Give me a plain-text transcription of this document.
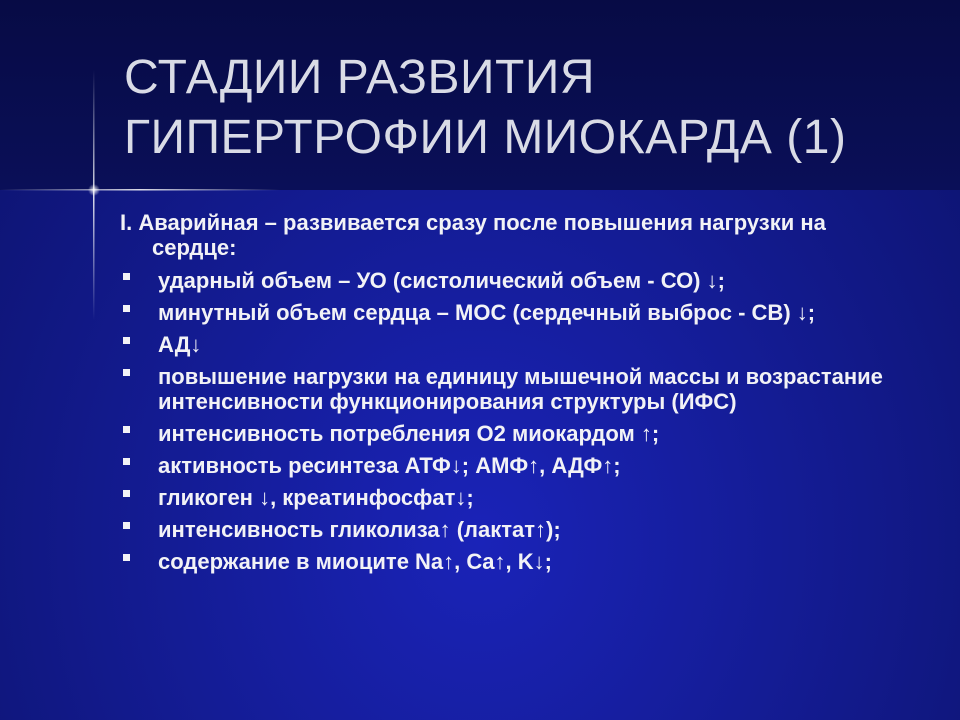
СТАДИИ РАЗВИТИЯ
ГИПЕРТРОФИИ МИОКАРДА (1)
I. Аварийная – развивается сразу после повышения нагрузки на сердце:
ударный объем – УО (систолический объем - СО) ↓;
минутный объем сердца – МОС (сердечный выброс - СВ) ↓;
АД↓
повышение нагрузки на единицу мышечной массы и возрастание интенсивности функционирования структуры (ИФС)
интенсивность потребления О2 миокардом ↑;
активность ресинтеза АТФ↓; АМФ↑, АДФ↑;
гликоген ↓, креатинфосфат↓;
интенсивность гликолиза↑ (лактат↑);
содержание в миоците Na↑, Ca↑, K↓;
